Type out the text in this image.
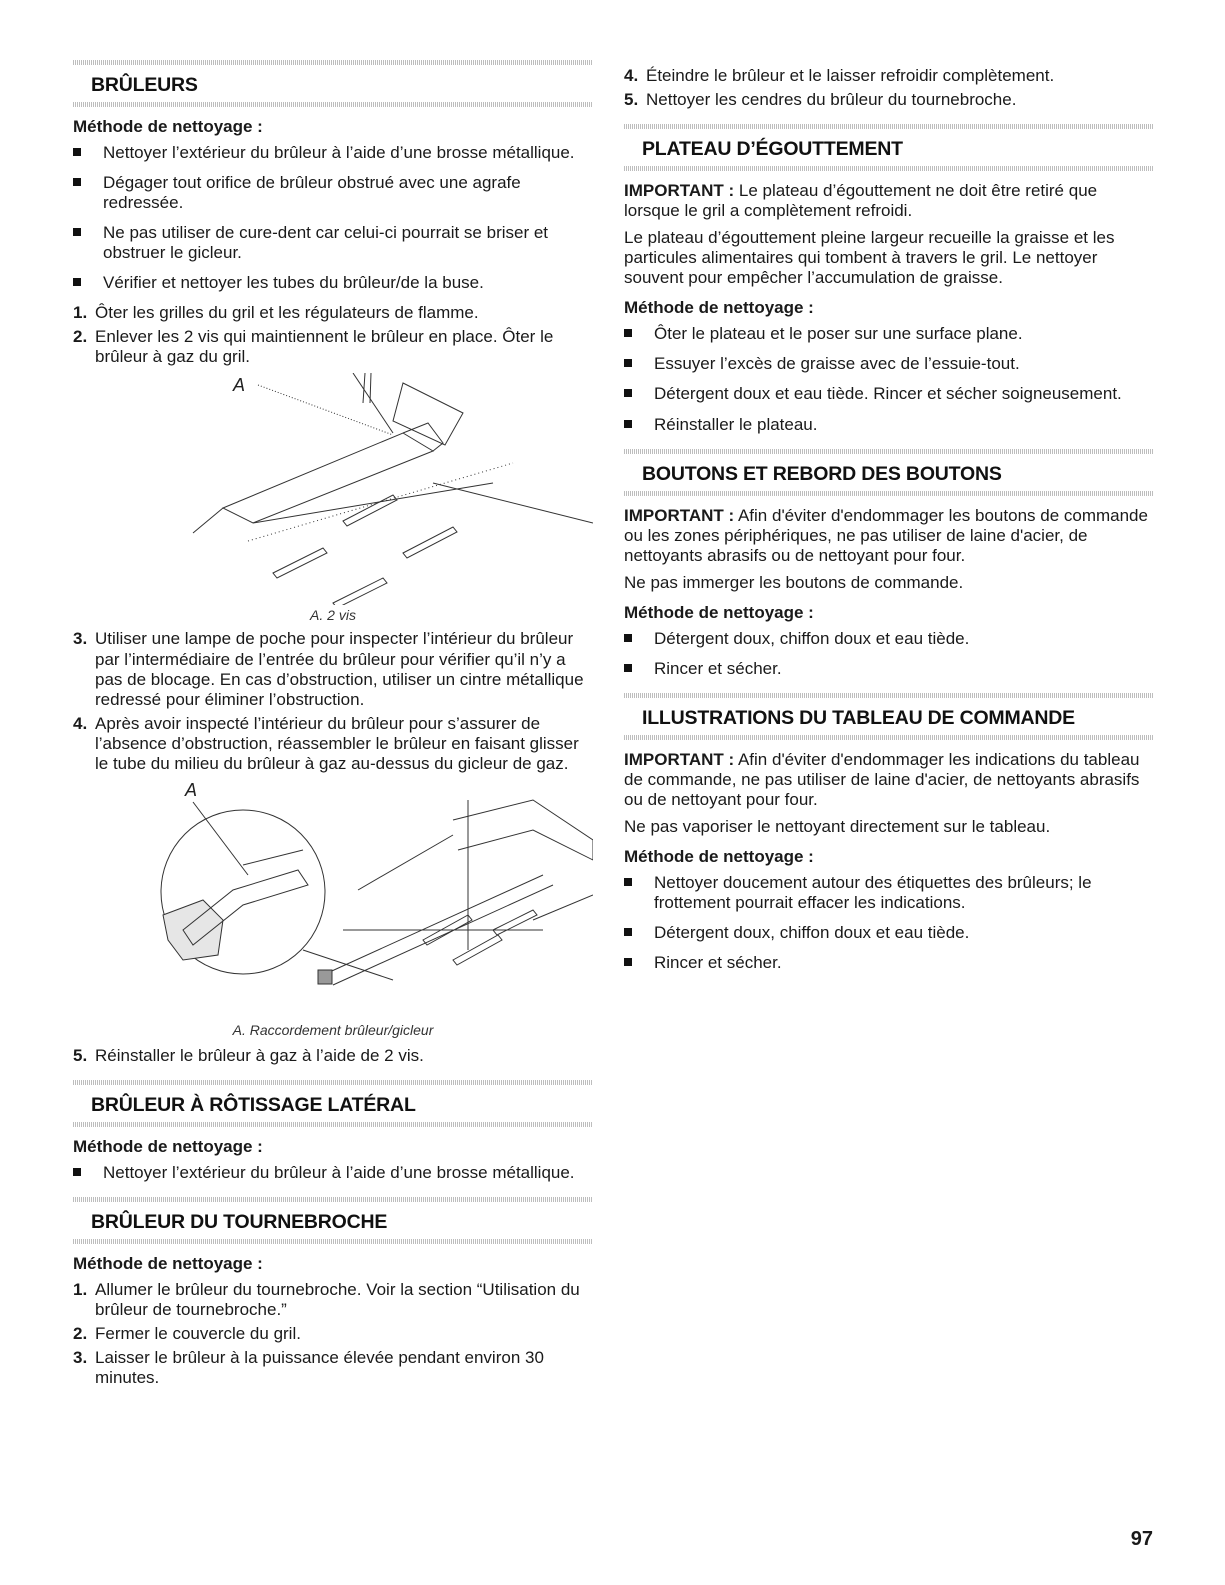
BRÛLEURS
Méthode de nettoyage :
Nettoyer l’extérieur du brûleur à l’aide d’une brosse métallique.
Dégager tout orifice de brûleur obstrué avec une agrafe redressée.
Ne pas utiliser de cure-dent car celui-ci pourrait se briser et obstruer le gicleur.
Vérifier et nettoyer les tubes du brûleur/de la buse.
1. Ôter les grilles du gril et les régulateurs de flamme.
2. Enlever les 2 vis qui maintiennent le brûleur en place. Ôter le brûleur à gaz du gril.
A
A. 2 vis
3. Utiliser une lampe de poche pour inspecter l’intérieur du brûleur par l’intermédiaire de l’entrée du brûleur pour vérifier qu’il n’y a pas de blocage. En cas d’obstruction, utiliser un cintre métallique redressé pour éliminer l’obstruction.
4. Après avoir inspecté l’intérieur du brûleur pour s’assurer de l’absence d’obstruction, réassembler le brûleur en faisant glisser le tube du milieu du brûleur à gaz au-dessus du gicleur de gaz.
A
A. Raccordement brûleur/gicleur
5. Réinstaller le brûleur à gaz à l’aide de 2 vis.
BRÛLEUR À RÔTISSAGE LATÉRAL
Méthode de nettoyage :
Nettoyer l’extérieur du brûleur à l’aide d’une brosse métallique.
BRÛLEUR DU TOURNEBROCHE
Méthode de nettoyage :
1. Allumer le brûleur du tournebroche. Voir la section “Utilisation du brûleur de tournebroche.”
2. Fermer le couvercle du gril.
3. Laisser le brûleur à la puissance élevée pendant environ 30 minutes.
4. Éteindre le brûleur et le laisser refroidir complètement.
5. Nettoyer les cendres du brûleur du tournebroche.
PLATEAU D’ÉGOUTTEMENT

IMPORTANT : Le plateau d’égouttement ne doit être retiré que lorsque le gril a complètement refroidi.

Le plateau d’égouttement pleine largeur recueille la graisse et les particules alimentaires qui tombent à travers le gril. Le nettoyer souvent pour empêcher l’accumulation de graisse.

Méthode de nettoyage :
Ôter le plateau et le poser sur une surface plane.
Essuyer l’excès de graisse avec de l’essuie-tout.
Détergent doux et eau tiède. Rincer et sécher soigneusement.
Réinstaller le plateau.
BOUTONS ET REBORD DES BOUTONS

IMPORTANT : Afin d'éviter d'endommager les boutons de commande ou les zones périphériques, ne pas utiliser de laine d'acier, de nettoyants abrasifs ou de nettoyant pour four.

Ne pas immerger les boutons de commande.

Méthode de nettoyage :
Détergent doux, chiffon doux et eau tiède.
Rincer et sécher.
ILLUSTRATIONS DU TABLEAU DE COMMANDE

IMPORTANT : Afin d'éviter d'endommager les indications du tableau de commande, ne pas utiliser de laine d'acier, de nettoyants abrasifs ou de nettoyant pour four.

Ne pas vaporiser le nettoyant directement sur le tableau.

Méthode de nettoyage :
Nettoyer doucement autour des étiquettes des brûleurs; le frottement pourrait effacer les indications.
Détergent doux, chiffon doux et eau tiède.
Rincer et sécher.
97
